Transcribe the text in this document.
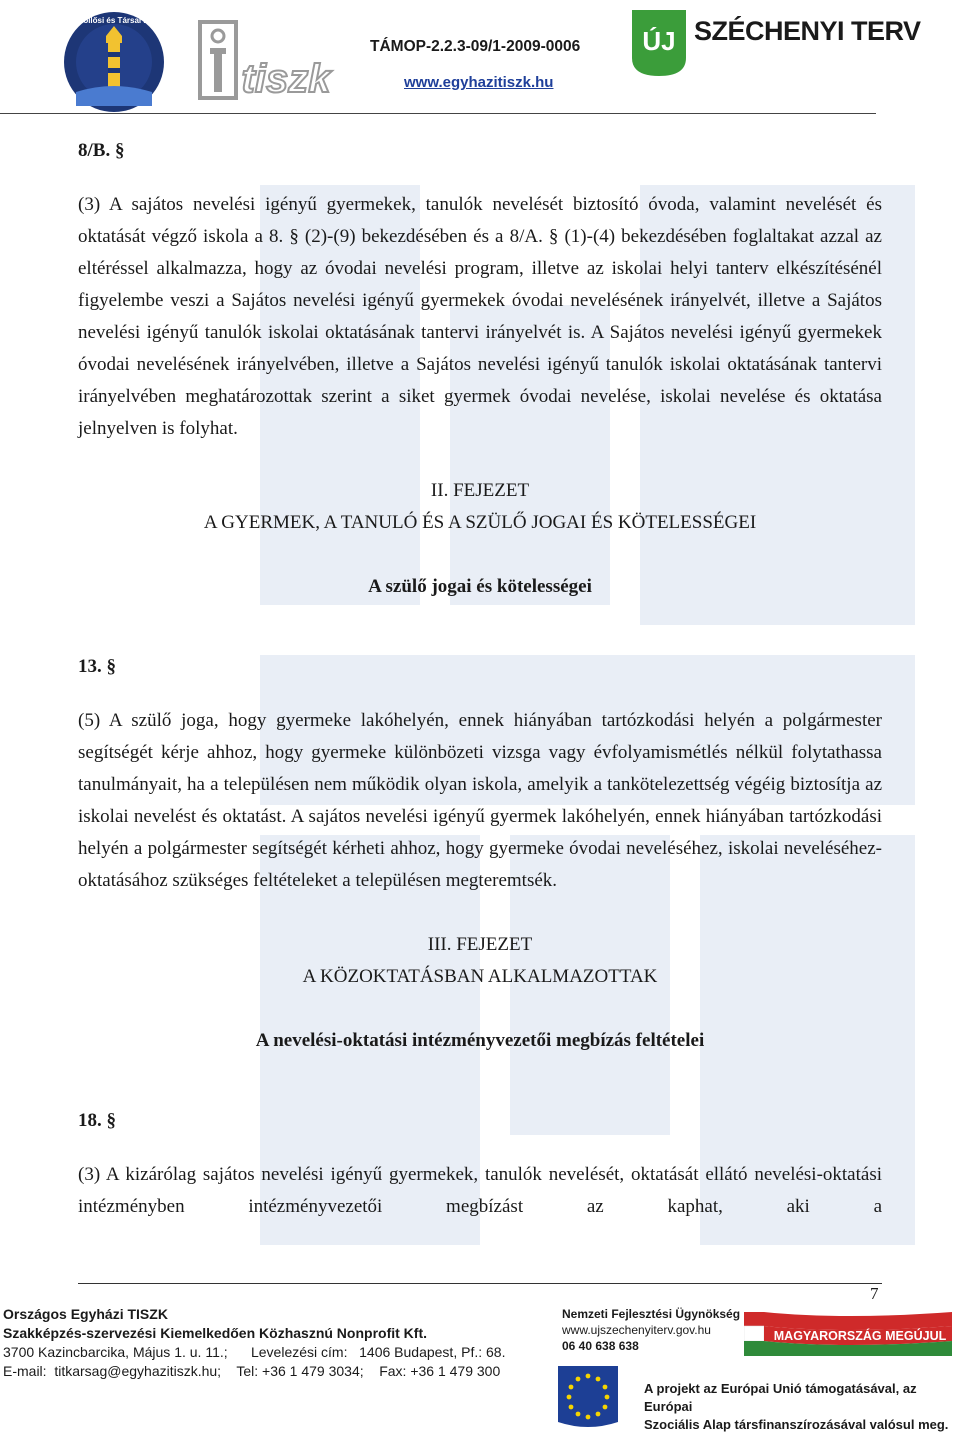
Szőllősi és Társai Bt.
tiszk
TÁMOP-2.2.3-09/1-2009-0006
www.egyhazitiszk.hu
ÚJ SZÉCHENYI TERV
8/B. §

(3) A sajátos nevelési igényű gyermekek, tanulók nevelését biztosító óvoda, valamint nevelését és oktatását végző iskola a 8. § (2)-(9) bekezdésében és a 8/A. § (1)-(4) bekezdésében foglaltakat azzal az eltéréssel alkalmazza, hogy az óvodai nevelési program, illetve az iskolai helyi tanterv elkészítésénél figyelembe veszi a Sajátos nevelési igényű gyermekek óvodai nevelésének irányelvét, illetve a Sajátos nevelési igényű tanulók iskolai oktatásának tantervi irányelvét is. A Sajátos nevelési igényű gyermekek óvodai nevelésének irányelvében, illetve a Sajátos nevelési igényű tanulók iskolai oktatásának tantervi irányelvében meghatározottak szerint a siket gyermek óvodai nevelése, iskolai nevelése és oktatása jelnyelven is folyhat.

II. FEJEZET
A GYERMEK, A TANULÓ ÉS A SZÜLŐ JOGAI ÉS KÖTELESSÉGEI
A szülő jogai és kötelességei
13. §

(5) A szülő joga, hogy gyermeke lakóhelyén, ennek hiányában tartózkodási helyén a polgármester segítségét kérje ahhoz, hogy gyermeke különbözeti vizsga vagy évfolyamismétlés nélkül folytathassa tanulmányait, ha a településen nem működik olyan iskola, amelyik a tankötelezettség végéig biztosítja az iskolai nevelést és oktatást. A sajátos nevelési igényű gyermek lakóhelyén, ennek hiányában tartózkodási helyén a polgármester segítségét kérheti ahhoz, hogy gyermeke óvodai neveléséhez, iskolai neveléséhez-oktatásához szükséges feltételeket a településen megteremtsék.

III. FEJEZET
A KÖZOKTATÁSBAN ALKALMAZOTTAK
A nevelési-oktatási intézményvezetői megbízás feltételei
18. §

(3) A kizárólag sajátos nevelési igényű gyermekek, tanulók nevelését, oktatását ellátó nevelési-oktatási intézményben intézményvezetői megbízást az kaphat, aki a

7
Országos Egyházi TISZK
Szakképzés-szervezési Kiemelkedően Közhasznú Nonprofit Kft.
3700 Kazincbarcika, Május 1. u. 11.;      Levelezési cím:   1406 Budapest, Pf.: 68.
E-mail:  titkarsag@egyhazitiszk.hu;    Tel: +36 1 479 3034;    Fax: +36 1 479 300
Nemzeti Fejlesztési Ügynökség
www.ujszechenyiterv.gov.hu
06 40 638 638
MAGYARORSZÁG MEGÚJUL
A projekt az Európai Unió támogatásával, az Európai
Szociális Alap társfinanszírozásával valósul meg.
